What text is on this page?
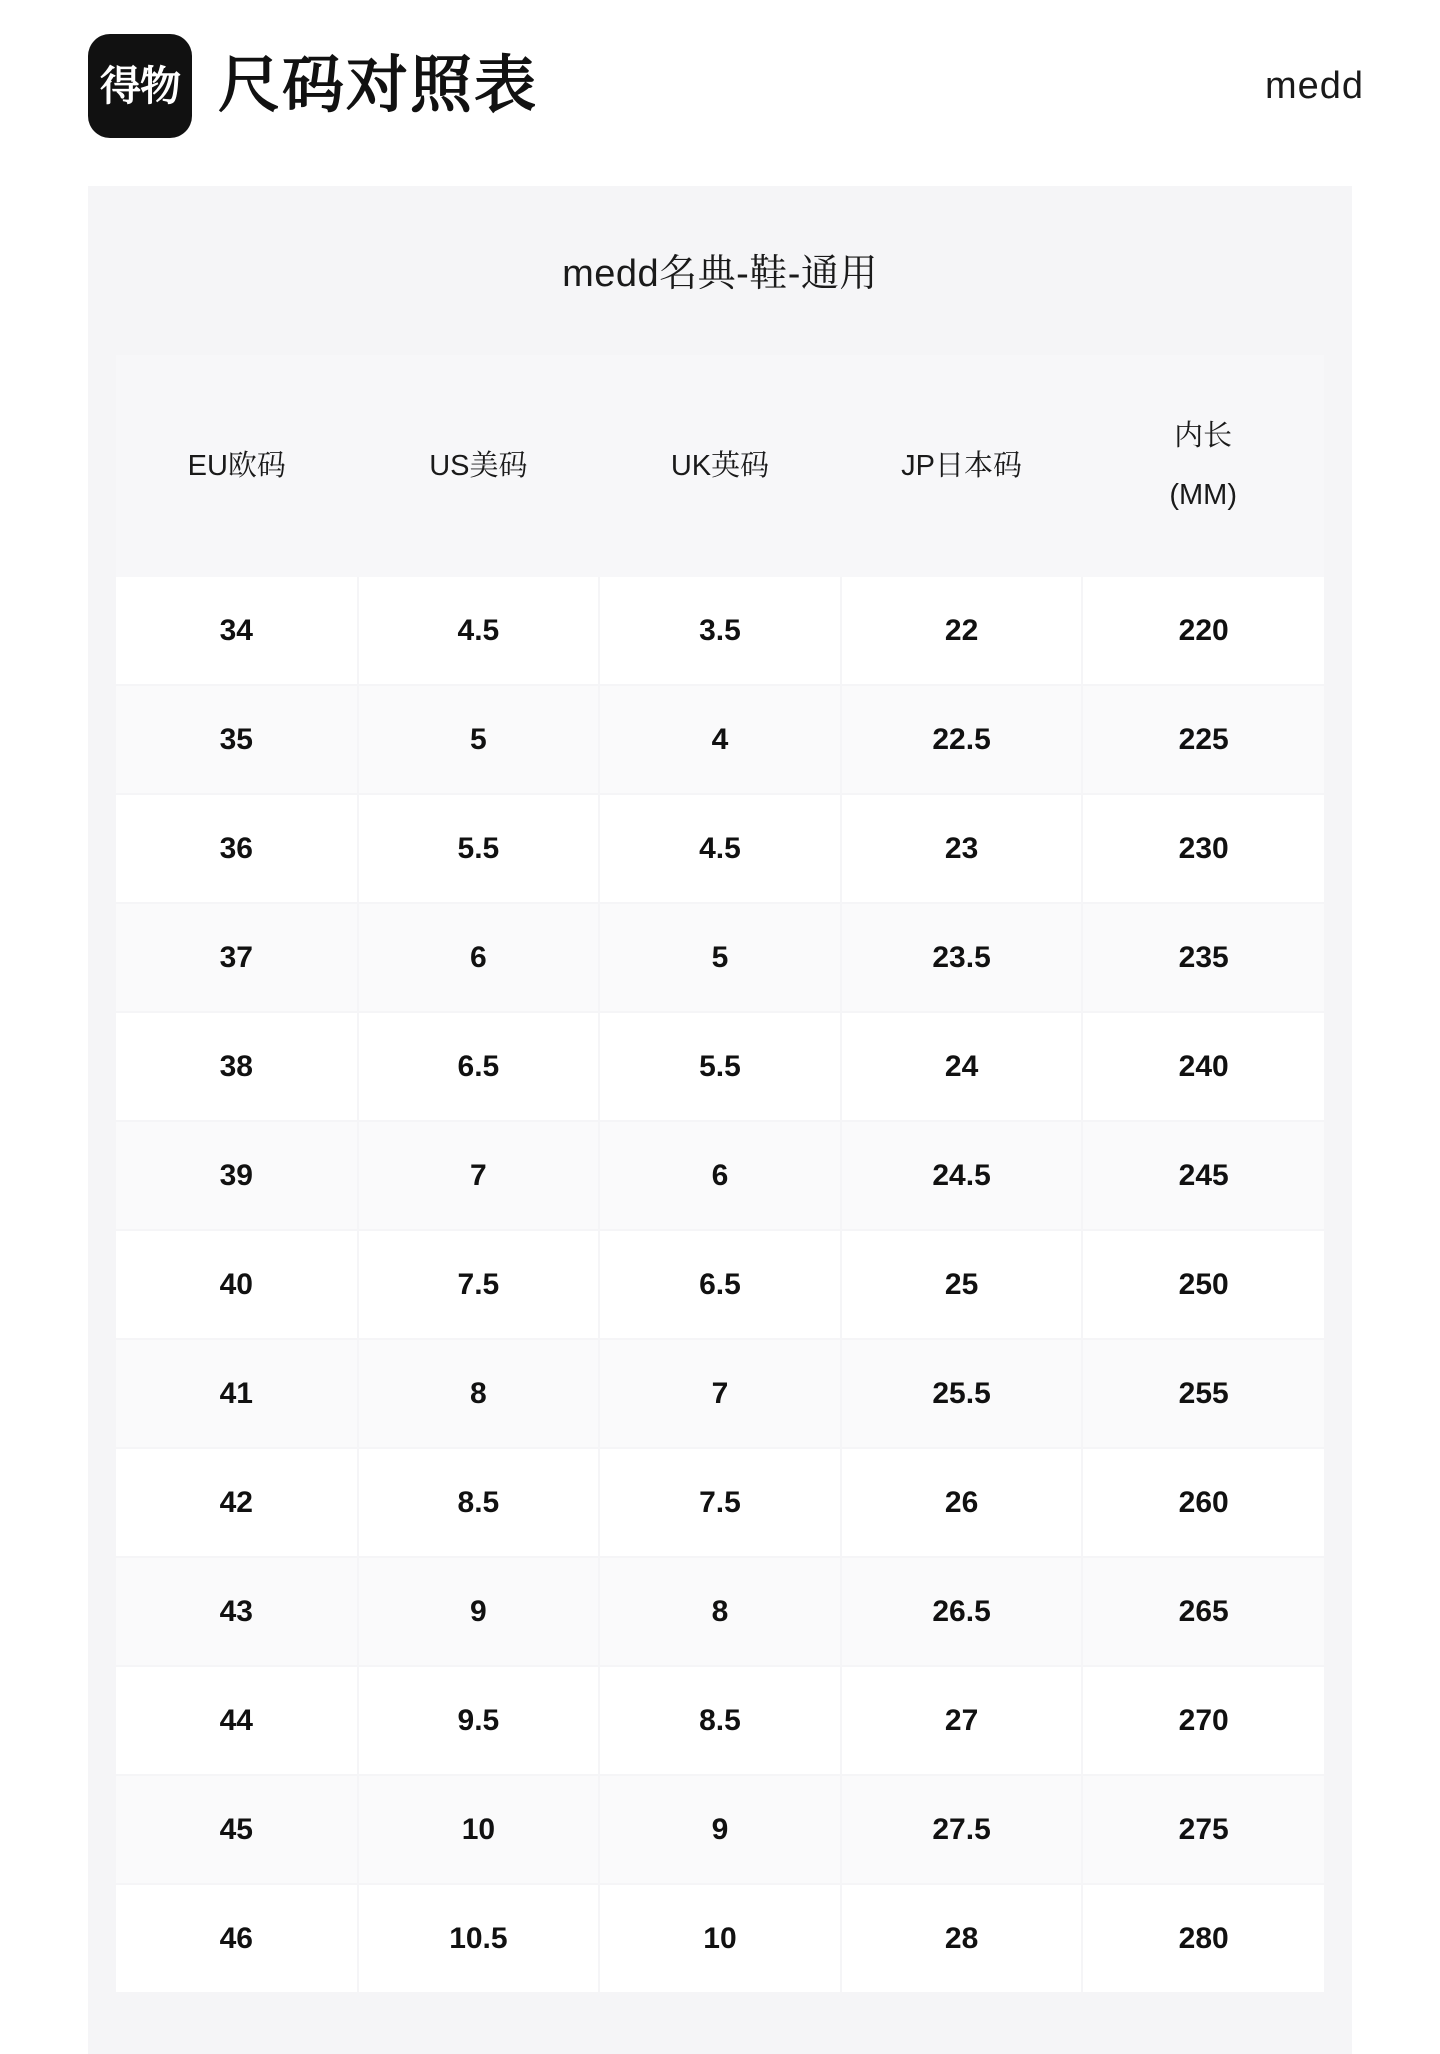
得物 尺码对照表	medd
medd名典-鞋-通用
EU欧码	US美码	UK英码	JP日本码	内长
(MM)

34	4.5	3.5	22	220
35	5	4	22.5	225
36	5.5	4.5	23	230
37	6	5	23.5	235
38	6.5	5.5	24	240
39	7	6	24.5	245
40	7.5	6.5	25	250
41	8	7	25.5	255
42	8.5	7.5	26	260
43	9	8	26.5	265
44	9.5	8.5	27	270
45	10	9	27.5	275
46	10.5	10	28	280
